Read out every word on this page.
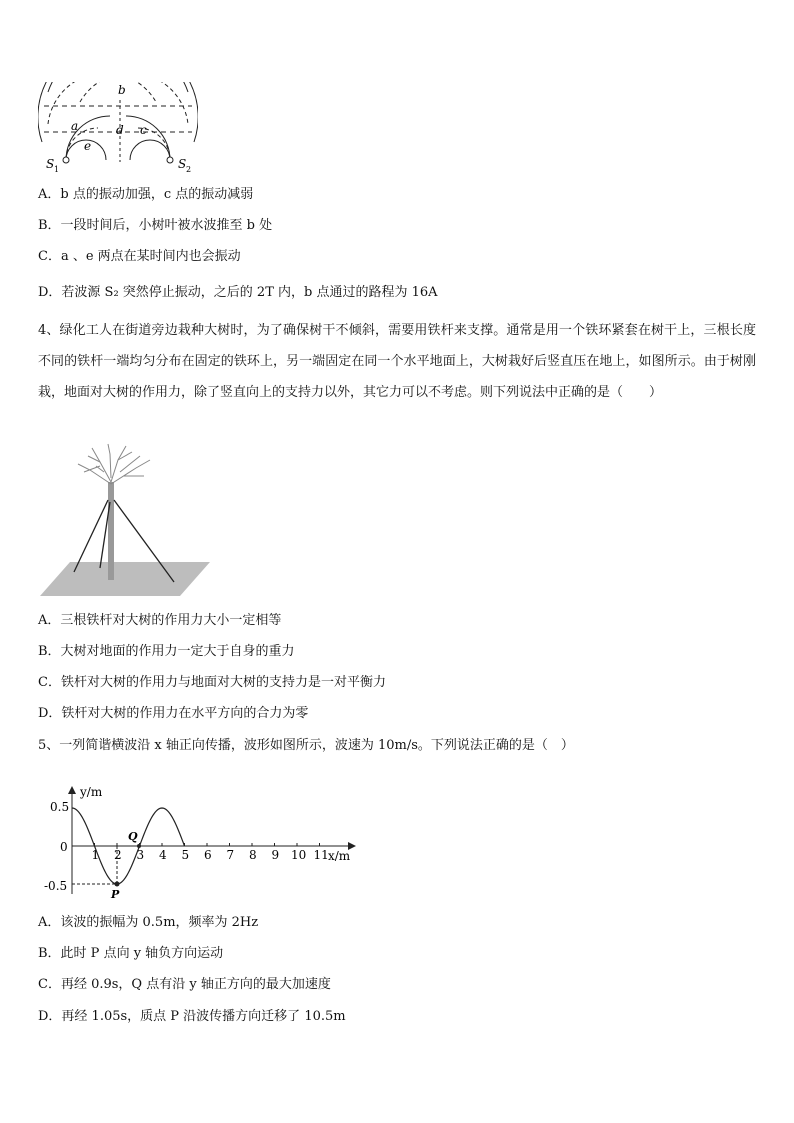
b
a	d c
e
S 1	S 2
A．b 点的振动加强，c 点的振动减弱
B．一段时间后，小树叶被水波推至 b 处
C．a 、e 两点在某时间内也会振动
D．若波源 S₂ 突然停止振动，之后的 2T 内，b 点通过的路程为 16A
4、绿化工人在街道旁边栽种大树时，为了确保树干不倾斜，需要用铁杆来支撑。通常是用一个铁环紧套在树干上，三根长度不同的铁杆一端均匀分布在固定的铁环上，另一端固定在同一个水平地面上，大树栽好后竖直压在地上，如图所示。由于树刚栽，地面对大树的作用力，除了竖直向上的支持力以外，其它力可以不考虑。则下列说法中正确的是（　　）
A．三根铁杆对大树的作用力大小一定相等
B．大树对地面的作用力一定大于自身的重力
C．铁杆对大树的作用力与地面对大树的支持力是一对平衡力
D．铁杆对大树的作用力在水平方向的合力为零
5、一列简谐横波沿 x 轴正向传播，波形如图所示，波速为 10m/s。下列说法正确的是（　）
y/m
x/m
0.5
0
-0.5
1 2 3 4 5 6 7 8 9 10 11
P
Q
A．该波的振幅为 0.5m，频率为 2Hz
B．此时 P 点向 y 轴负方向运动
C．再经 0.9s，Q 点有沿 y 轴正方向的最大加速度
D．再经 1.05s，质点 P 沿波传播方向迁移了 10.5m
